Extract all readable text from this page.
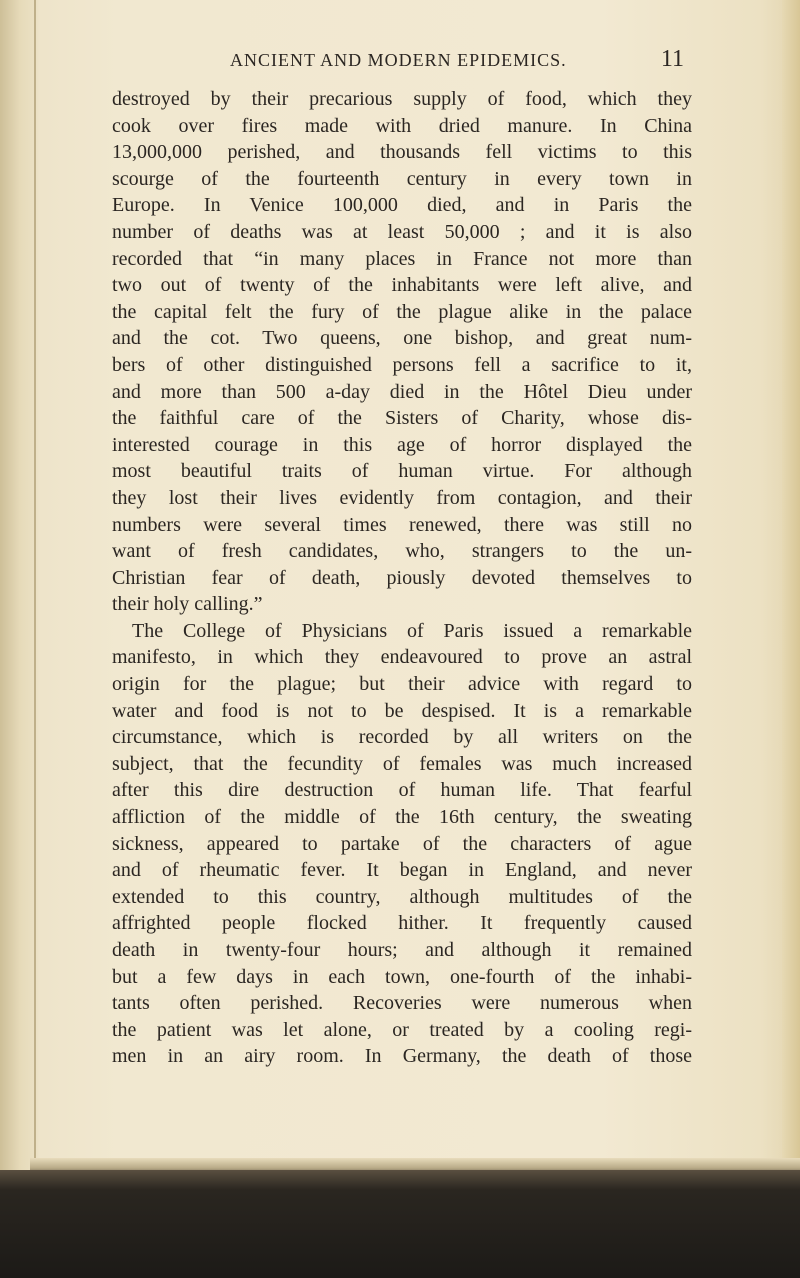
ANCIENT AND MODERN EPIDEMICS.	11
destroyed by their precarious supply of food, which they
cook over fires made with dried manure. In China
13,000,000 perished, and thousands fell victims to this
scourge of the fourteenth century in every town in
Europe. In Venice 100,000 died, and in Paris the
number of deaths was at least 50,000 ; and it is also
recorded that “in many places in France not more than
two out of twenty of the inhabitants were left alive, and
the capital felt the fury of the plague alike in the palace
and the cot. Two queens, one bishop, and great num-
bers of other distinguished persons fell a sacrifice to it,
and more than 500 a-day died in the Hôtel Dieu under
the faithful care of the Sisters of Charity, whose dis-
interested courage in this age of horror displayed the
most beautiful traits of human virtue. For although
they lost their lives evidently from contagion, and their
numbers were several times renewed, there was still no
want of fresh candidates, who, strangers to the un-
Christian fear of death, piously devoted themselves to
their holy calling.”
The College of Physicians of Paris issued a remarkable
manifesto, in which they endeavoured to prove an astral
origin for the plague; but their advice with regard to
water and food is not to be despised. It is a remarkable
circumstance, which is recorded by all writers on the
subject, that the fecundity of females was much increased
after this dire destruction of human life. That fearful
affliction of the middle of the 16th century, the sweating
sickness, appeared to partake of the characters of ague
and of rheumatic fever. It began in England, and never
extended to this country, although multitudes of the
affrighted people flocked hither. It frequently caused
death in twenty-four hours; and although it remained
but a few days in each town, one-fourth of the inhabi-
tants often perished. Recoveries were numerous when
the patient was let alone, or treated by a cooling regi-
men in an airy room. In Germany, the death of those
